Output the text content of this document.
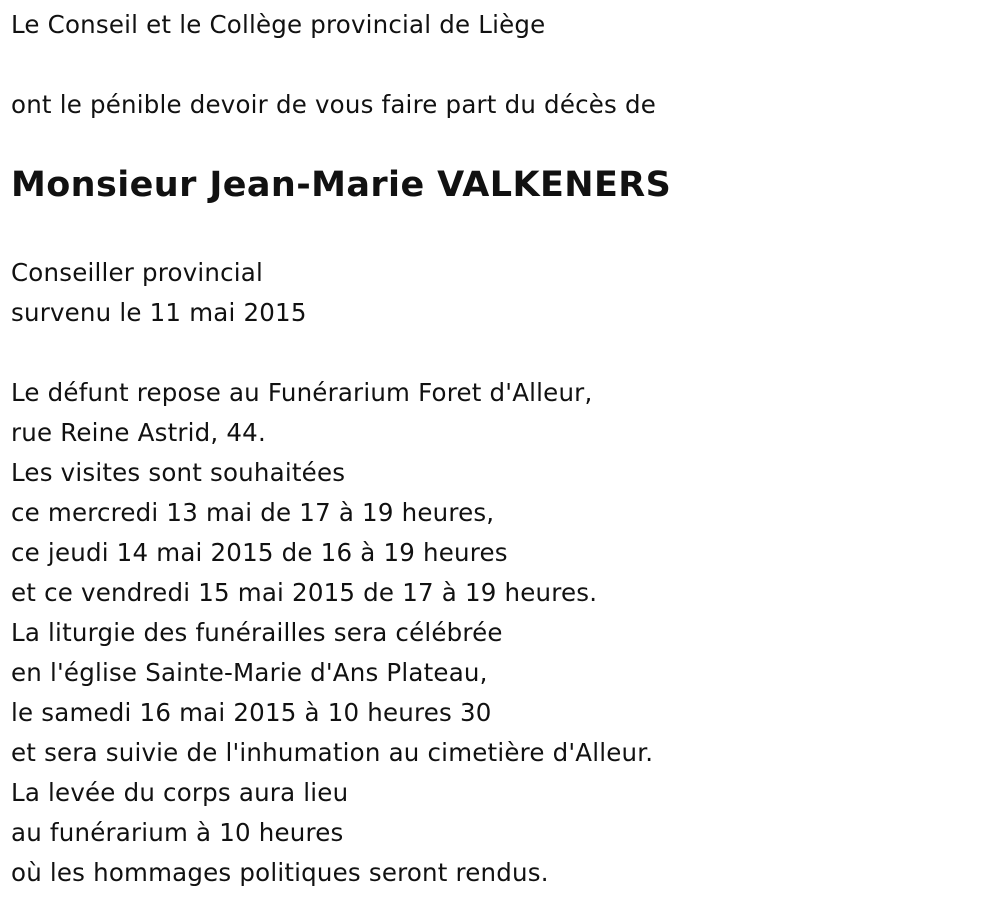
Le Conseil et le Collège provincial de Liège
ont le pénible devoir de vous faire part du décès de
Monsieur Jean-Marie VALKENERS
Conseiller provincial
survenu le 11 mai 2015
Le défunt repose au Funérarium Foret d'Alleur,
rue Reine Astrid, 44.
Les visites sont souhaitées
ce mercredi 13 mai de 17 à 19 heures,
ce jeudi 14 mai 2015 de 16 à 19 heures
et ce vendredi 15 mai 2015 de 17 à 19 heures.
La liturgie des funérailles sera célébrée
en l'église Sainte-Marie d'Ans Plateau,
le samedi 16 mai 2015 à 10 heures 30
et sera suivie de l'inhumation au cimetière d'Alleur.
La levée du corps aura lieu
au funérarium à 10 heures
où les hommages politiques seront rendus.
